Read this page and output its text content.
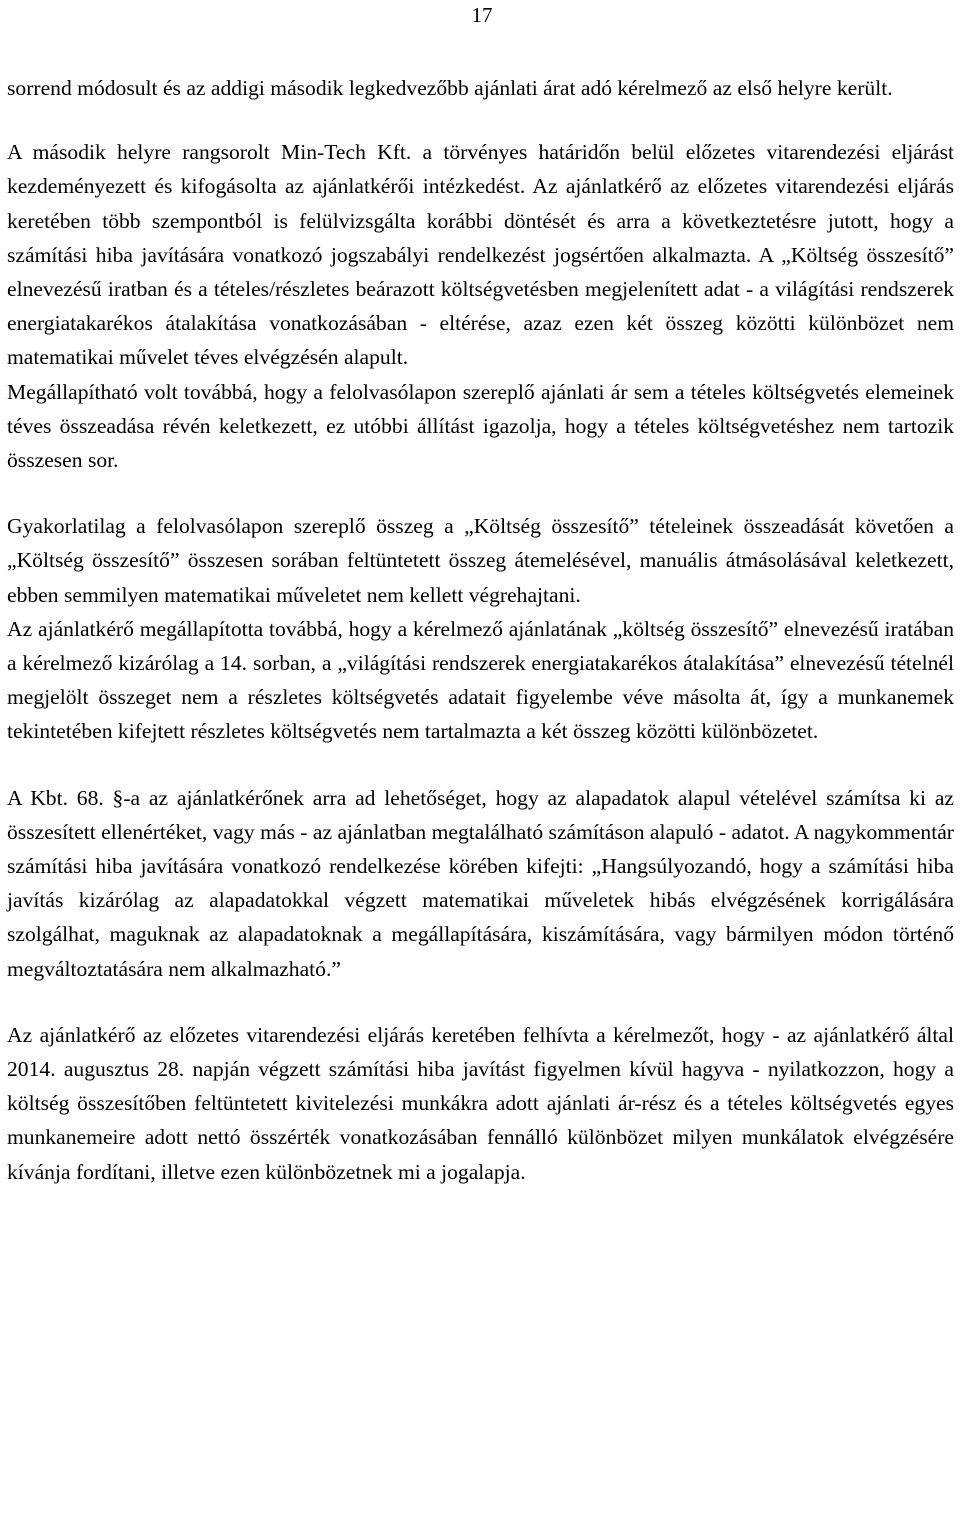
17

sorrend módosult és az addigi második legkedvezőbb ajánlati árat adó kérelmező az első helyre került.

A második helyre rangsorolt Min-Tech Kft. a törvényes határidőn belül előzetes vitarendezési eljárást kezdeményezett és kifogásolta az ajánlatkérői intézkedést. Az ajánlatkérő az előzetes vitarendezési eljárás keretében több szempontból is felülvizsgálta korábbi döntését és arra a következtetésre jutott, hogy a számítási hiba javítására vonatkozó jogszabályi rendelkezést jogsértően alkalmazta. A „Költség összesítő” elnevezésű iratban és a tételes/részletes beárazott költségvetésben megjelenített adat - a világítási rendszerek energiatakarékos átalakítása vonatkozásában - eltérése, azaz ezen két összeg közötti különbözet nem matematikai művelet téves elvégzésén alapult.

Megállapítható volt továbbá, hogy a felolvasólapon szereplő ajánlati ár sem a tételes költségvetés elemeinek téves összeadása révén keletkezett, ez utóbbi állítást igazolja, hogy a tételes költségvetéshez nem tartozik összesen sor.

Gyakorlatilag a felolvasólapon szereplő összeg a „Költség összesítő” tételeinek összeadását követően a „Költség összesítő” összesen sorában feltüntetett összeg átemelésével, manuális átmásolásával keletkezett, ebben semmilyen matematikai műveletet nem kellett végrehajtani.

Az ajánlatkérő megállapította továbbá, hogy a kérelmező ajánlatának „költség összesítő” elnevezésű iratában a kérelmező kizárólag a 14. sorban, a „világítási rendszerek energiatakarékos átalakítása” elnevezésű tételnél megjelölt összeget nem a részletes költségvetés adatait figyelembe véve másolta át, így a munkanemek tekintetében kifejtett részletes költségvetés nem tartalmazta a két összeg közötti különbözetet.

A Kbt. 68. §-a az ajánlatkérőnek arra ad lehetőséget, hogy az alapadatok alapul vételével számítsa ki az összesített ellenértéket, vagy más - az ajánlatban megtalálható számításon alapuló - adatot. A nagykommentár számítási hiba javítására vonatkozó rendelkezése körében kifejti: „Hangsúlyozandó, hogy a számítási hiba javítás kizárólag az alapadatokkal végzett matematikai műveletek hibás elvégzésének korrigálására szolgálhat, maguknak az alapadatoknak a megállapítására, kiszámítására, vagy bármilyen módon történő megváltoztatására nem alkalmazható.”

Az ajánlatkérő az előzetes vitarendezési eljárás keretében felhívta a kérelmezőt, hogy - az ajánlatkérő által 2014. augusztus 28. napján végzett számítási hiba javítást figyelmen kívül hagyva - nyilatkozzon, hogy a költség összesítőben feltüntetett kivitelezési munkákra adott ajánlati ár-rész és a tételes költségvetés egyes munkanemeire adott nettó összérték vonatkozásában fennálló különbözet milyen munkálatok elvégzésére kívánja fordítani, illetve ezen különbözetnek mi a jogalapja.
